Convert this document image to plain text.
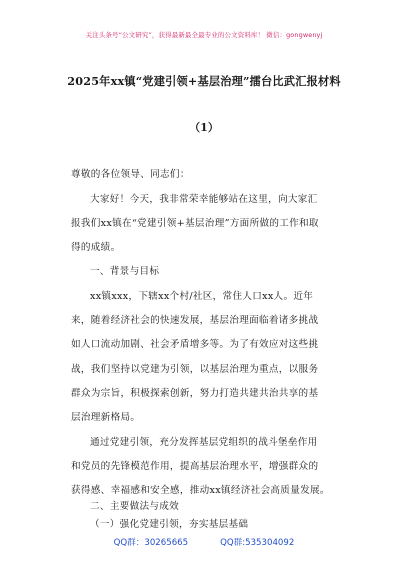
关注头条号“公文研究”，获得最新最全最专业的公文资料库！ 微信：gongwenyj
2025年xx镇“党建引领+基层治理”擂台比武汇报材料
（1）
尊敬的各位领导、同志们：
大家好！今天，我非常荣幸能够站在这里，向大家汇
报我们xx镇在“党建引领+基层治理”方面所做的工作和取
得的成绩。
一、背景与目标
xx镇xxx，下辖xx个村/社区，常住人口xx人。近年
来，随着经济社会的快速发展，基层治理面临着诸多挑战
如人口流动加剧、社会矛盾增多等。为了有效应对这些挑
战，我们坚持以党建为引领，以基层治理为重点，以服务
群众为宗旨，积极探索创新，努力打造共建共治共享的基
层治理新格局。
通过党建引领，充分发挥基层党组织的战斗堡垒作用
和党员的先锋模范作用，提高基层治理水平，增强群众的
获得感、幸福感和安全感，推动xx镇经济社会高质量发展。
二、主要做法与成效
QQ群：30265665	QQ群:535304092
（一）强化党建引领，夯实基层基础
